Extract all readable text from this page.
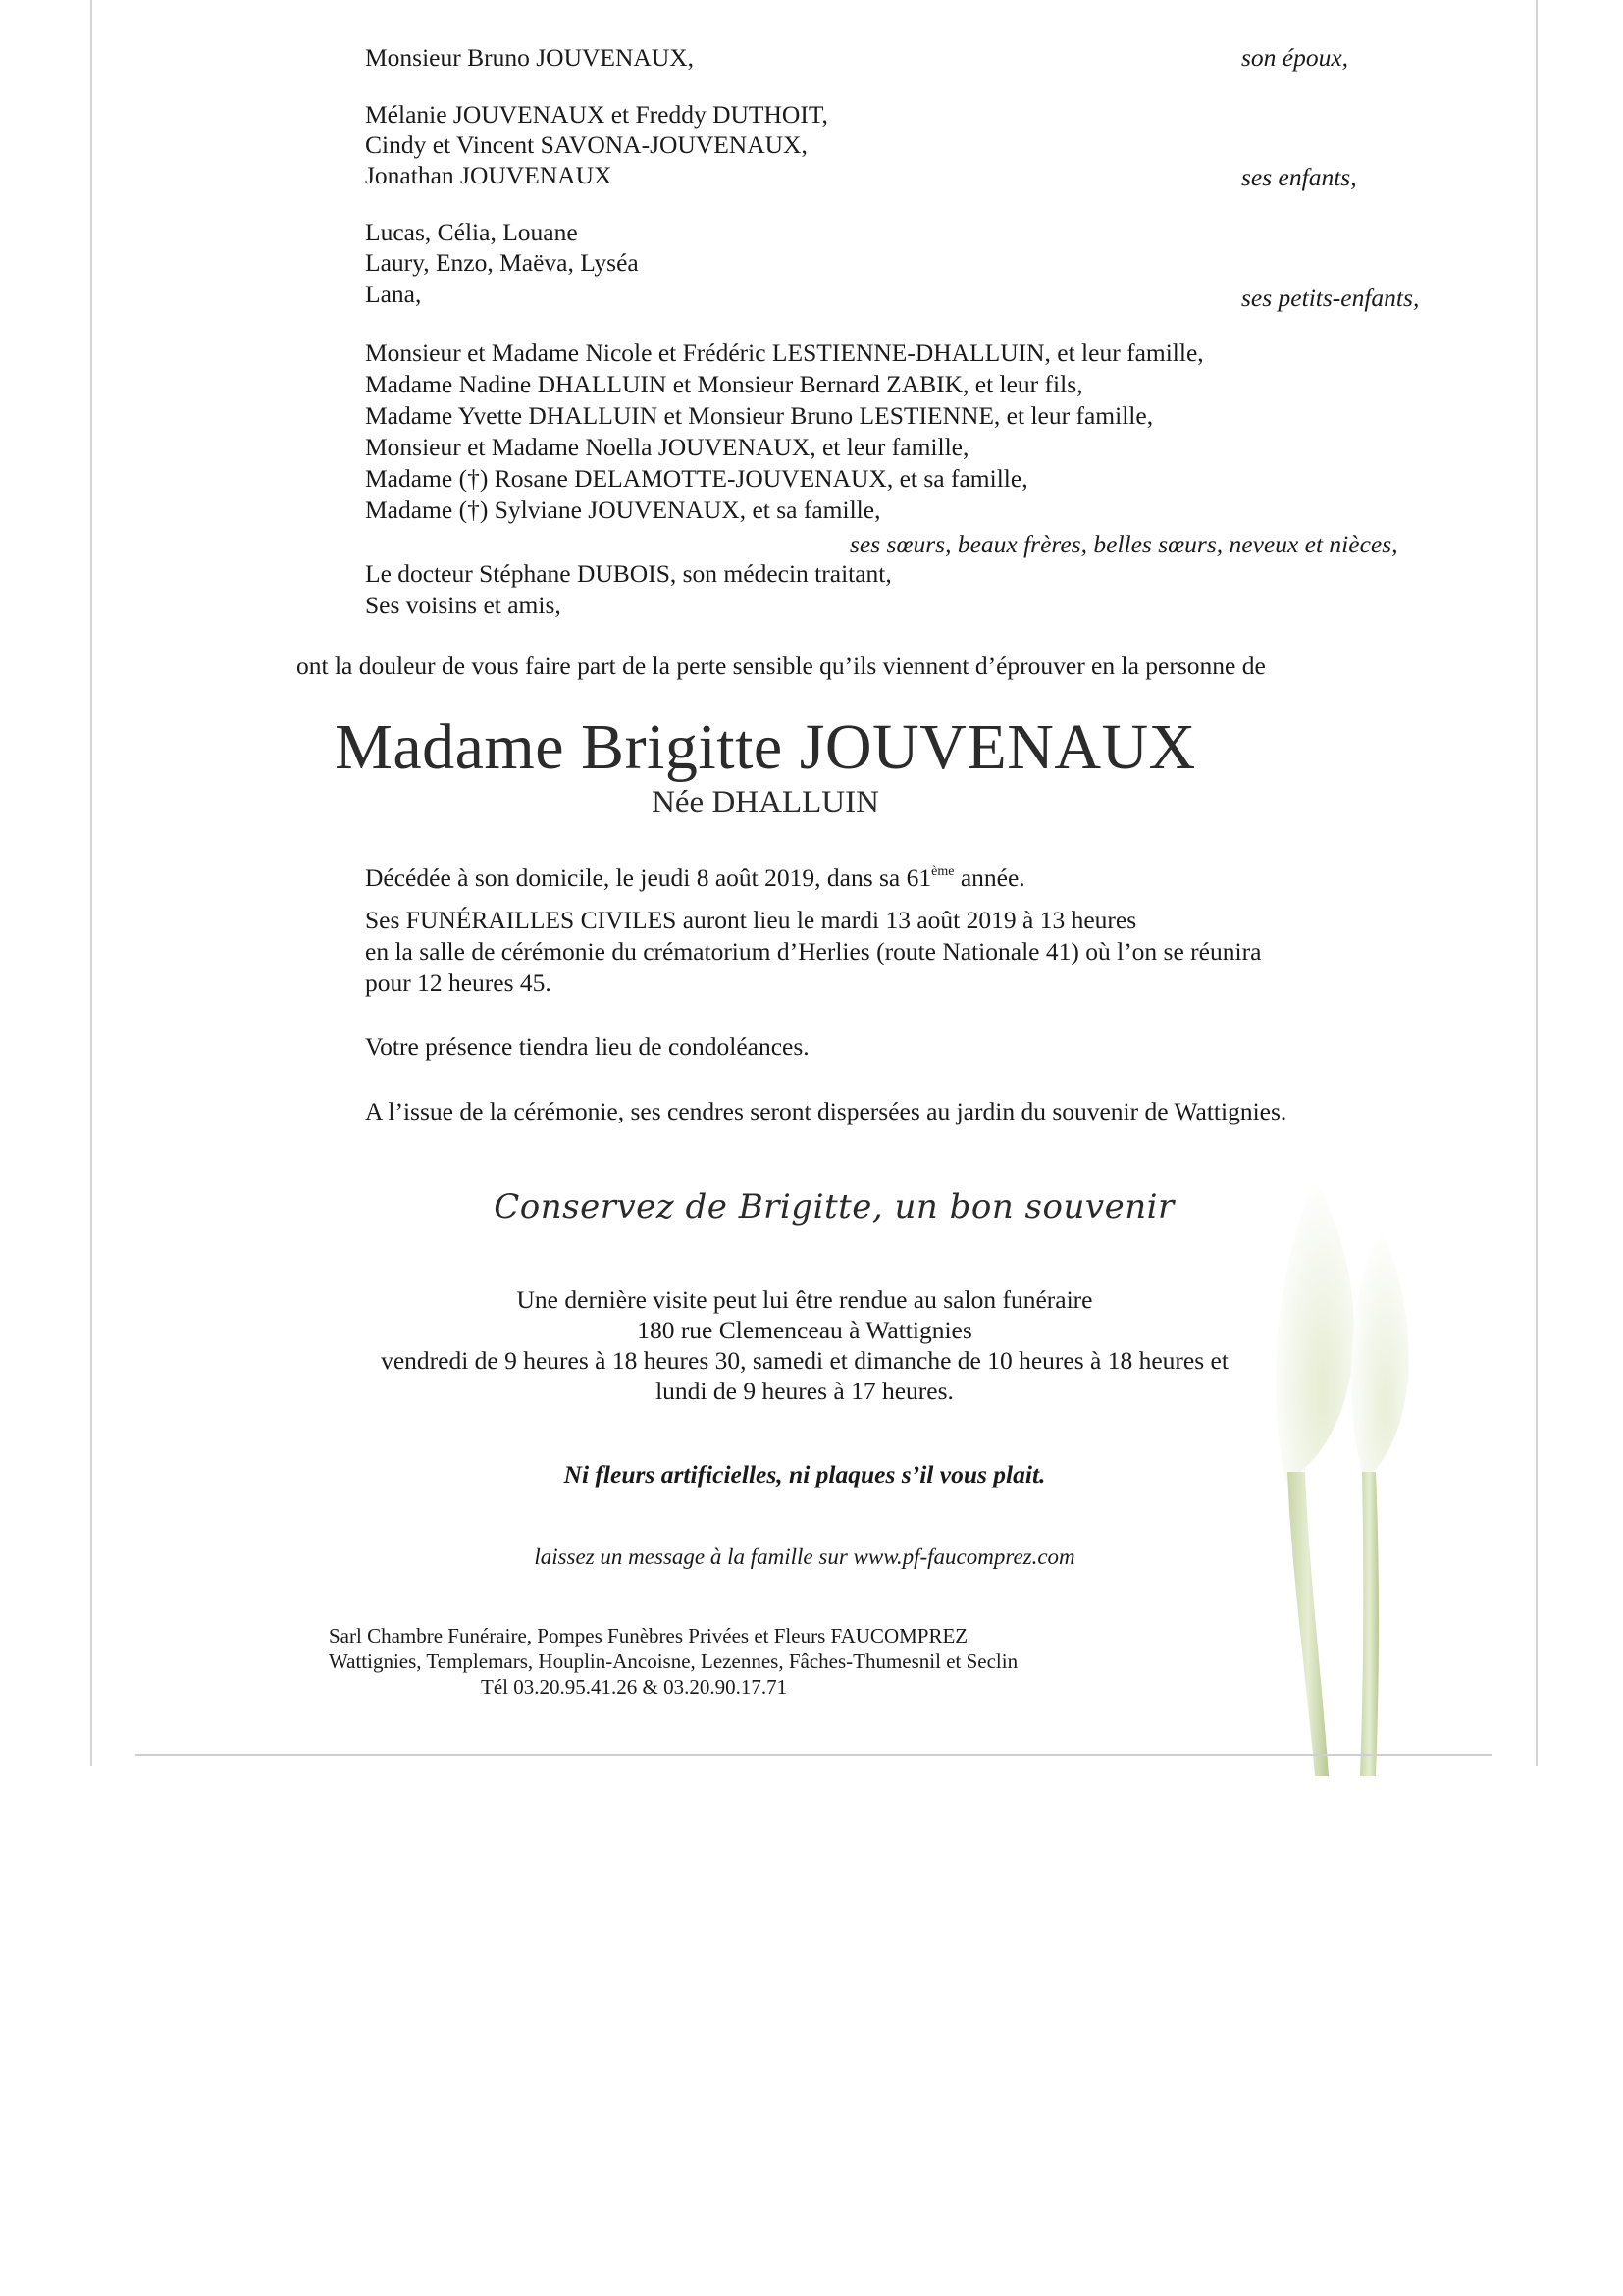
Monsieur Bruno JOUVENAUX,	son époux,
Mélanie JOUVENAUX et Freddy DUTHOIT,
Cindy et Vincent SAVONA-JOUVENAUX,
Jonathan JOUVENAUX	ses enfants,
Lucas, Célia, Louane
Laury, Enzo, Maëva, Lyséa
Lana,	ses petits-enfants,
Monsieur et Madame Nicole et Frédéric LESTIENNE-DHALLUIN, et leur famille,
Madame Nadine DHALLUIN et Monsieur Bernard ZABIK, et leur fils,
Madame Yvette DHALLUIN et Monsieur Bruno LESTIENNE, et leur famille,
Monsieur et Madame Noella JOUVENAUX, et leur famille,
Madame (†) Rosane DELAMOTTE-JOUVENAUX, et sa famille,
Madame (†) Sylviane JOUVENAUX, et sa famille,
ses sœurs, beaux frères, belles sœurs, neveux et nièces,
Le docteur Stéphane DUBOIS, son médecin traitant,
Ses voisins et amis,
ont la douleur de vous faire part de la perte sensible qu’ils viennent d’éprouver en la personne de
Madame Brigitte JOUVENAUX
Née DHALLUIN
Décédée à son domicile, le jeudi 8 août 2019, dans sa 61ème année.
Ses FUNÉRAILLES CIVILES auront lieu le mardi 13 août 2019 à 13 heures
en la salle de cérémonie du crématorium d’Herlies (route Nationale 41) où l’on se réunira
pour 12 heures 45.
Votre présence tiendra lieu de condoléances.
A l’issue de la cérémonie, ses cendres seront dispersées au jardin du souvenir de Wattignies.
Conservez de Brigitte, un bon souvenir
Une dernière visite peut lui être rendue au salon funéraire
180 rue Clemenceau à Wattignies
vendredi de 9 heures à 18 heures 30, samedi et dimanche de 10 heures à 18 heures et
lundi de 9 heures à 17 heures.
Ni fleurs artificielles, ni plaques s’il vous plait.
laissez un message à la famille sur www.pf-faucomprez.com
Sarl Chambre Funéraire, Pompes Funèbres Privées et Fleurs FAUCOMPREZ
Wattignies, Templemars, Houplin-Ancoisne, Lezennes, Fâches-Thumesnil et Seclin
Tél 03.20.95.41.26 & 03.20.90.17.71
